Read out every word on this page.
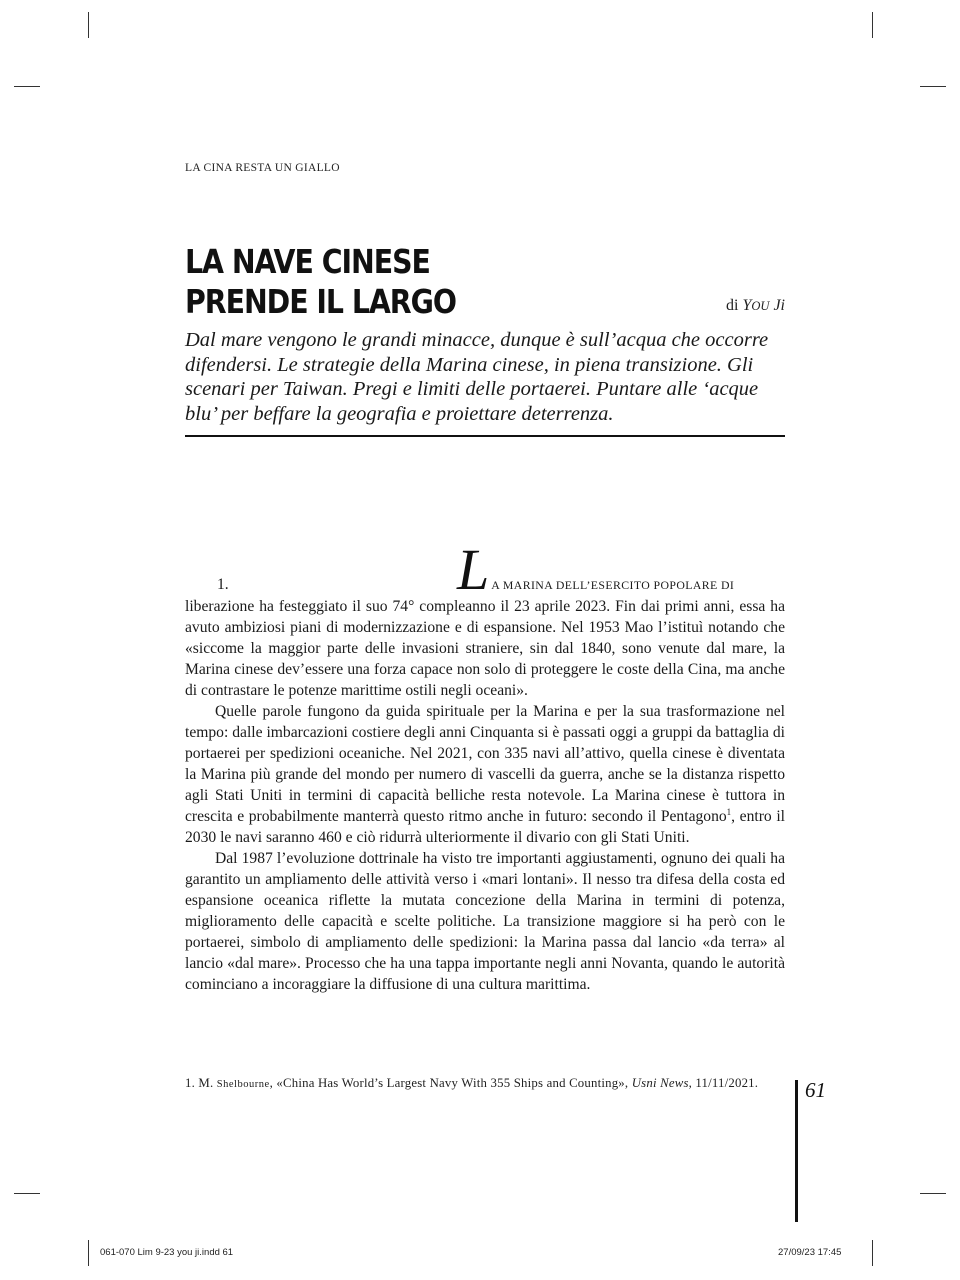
LA CINA RESTA UN GIALLO
LA NAVE CINESE
PRENDE IL LARGO	di YOU Ji

Dal mare vengono le grandi minacce, dunque è sull’acqua che occorre difendersi. Le strategie della Marina cinese, in piena transizione. Gli scenari per Taiwan. Pregi e limiti delle portaerei. Puntare alle ‘acque blu’ per beffare la geografia e proiettare deterrenza.

1.	L A MARINA DELL’ESERCITO POPOLARE DI
liberazione ha festeggiato il suo 74° compleanno il 23 aprile 2023. Fin dai primi anni, essa ha avuto ambiziosi piani di modernizzazione e di espansione. Nel 1953 Mao l’istituì notando che «siccome la maggior parte delle invasioni straniere, sin dal 1840, sono venute dal mare, la Marina cinese dev’essere una forza capace non solo di proteggere le coste della Cina, ma anche di contrastare le potenze marittime ostili negli oceani».

Quelle parole fungono da guida spirituale per la Marina e per la sua trasformazione nel tempo: dalle imbarcazioni costiere degli anni Cinquanta si è passati oggi a gruppi da battaglia di portaerei per spedizioni oceaniche. Nel 2021, con 335 navi all’attivo, quella cinese è diventata la Marina più grande del mondo per numero di vascelli da guerra, anche se la distanza rispetto agli Stati Uniti in termini di capacità belliche resta notevole. La Marina cinese è tuttora in crescita e probabilmente manterrà questo ritmo anche in futuro: secondo il Pentagono$^1$, entro il 2030 le navi saranno 460 e ciò ridurrà ulteriormente il divario con gli Stati Uniti.

Dal 1987 l’evoluzione dottrinale ha visto tre importanti aggiustamenti, ognuno dei quali ha garantito un ampliamento delle attività verso i «mari lontani». Il nesso tra difesa della costa ed espansione oceanica riflette la mutata concezione della Marina in termini di potenza, miglioramento delle capacità e scelte politiche. La transizione maggiore si ha però con le portaerei, simbolo di ampliamento delle spedizioni: la Marina passa dal lancio «da terra» al lancio «dal mare». Processo che ha una tappa importante negli anni Novanta, quando le autorità cominciano a incoraggiare la diffusione di una cultura marittima.

1. M. Shelbourne, «China Has World’s Largest Navy With 355 Ships and Counting», Usni News, 11/11/2021.	61
061-070 Lim 9-23 you ji.indd 61	27/09/23 17:45
